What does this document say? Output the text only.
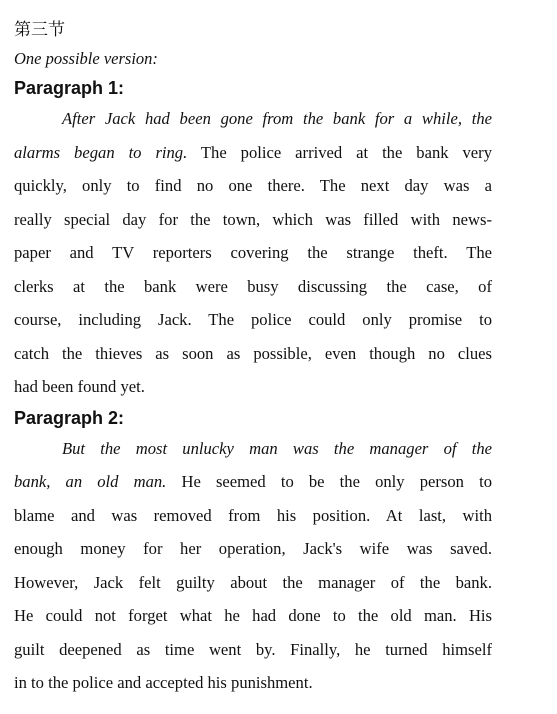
第三节
One possible version:
Paragraph 1:
After Jack had been gone from the bank for a while, the
alarms began to ring. The police arrived at the bank very
quickly, only to find no one there. The next day was a
really special day for the town, which was filled with news-
paper and TV reporters covering the strange theft. The
clerks at the bank were busy discussing the case, of
course, including Jack. The police could only promise to
catch the thieves as soon as possible, even though no clues
had been found yet.
Paragraph 2:
But the most unlucky man was the manager of the
bank, an old man. He seemed to be the only person to
blame and was removed from his position. At last, with
enough money for her operation, Jack's wife was saved.
However, Jack felt guilty about the manager of the bank.
He could not forget what he had done to the old man. His
guilt deepened as time went by. Finally, he turned himself
in to the police and accepted his punishment.
